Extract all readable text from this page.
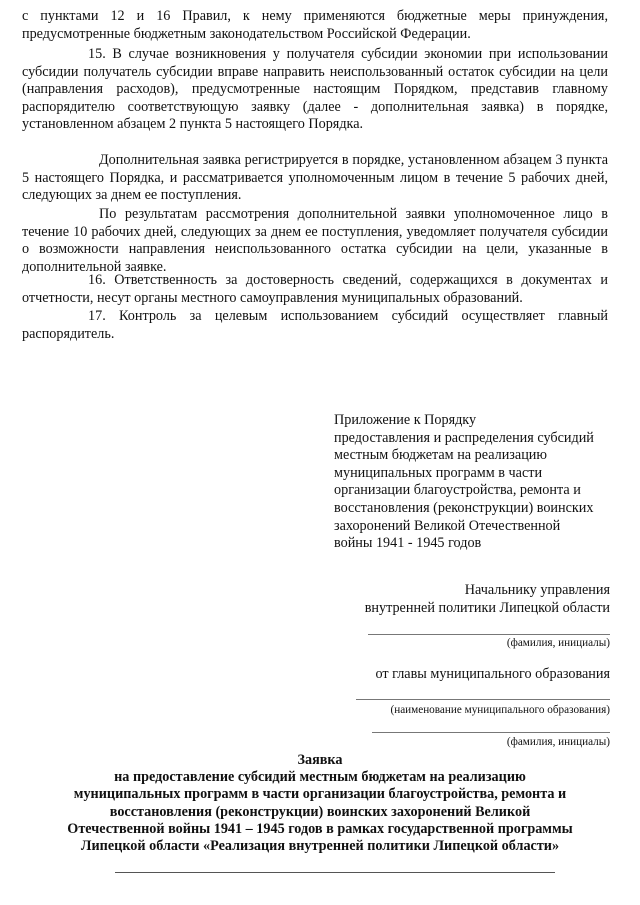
с пунктами 12 и 16 Правил, к нему применяются бюджетные меры принуждения, предусмотренные бюджетным законодательством Российской Федерации.

15. В случае возникновения у получателя субсидии экономии при использовании субсидии получатель субсидии вправе направить неиспользованный остаток субсидии на цели (направления расходов), предусмотренные настоящим Порядком, представив главному распорядителю соответствующую заявку (далее - дополнительная заявка) в порядке, установленном абзацем 2 пункта 5 настоящего Порядка.

Дополнительная заявка регистрируется в порядке, установленном абзацем 3 пункта 5 настоящего Порядка, и рассматривается уполномоченным лицом в течение 5 рабочих дней, следующих за днем ее поступления.

По результатам рассмотрения дополнительной заявки уполномоченное лицо в течение 10 рабочих дней, следующих за днем ее поступления, уведомляет получателя субсидии о возможности направления неиспользованного остатка субсидии на цели, указанные в дополнительной заявке.

16. Ответственность за достоверность сведений, содержащихся в документах и отчетности, несут органы местного самоуправления муниципальных образований.

17. Контроль за целевым использованием субсидий осуществляет главный распорядитель.

Приложение к Порядку
предоставления и распределения субсидий
местным бюджетам на реализацию
муниципальных программ в части
организации благоустройства, ремонта и
восстановления (реконструкции) воинских
захоронений Великой Отечественной
войны 1941 - 1945 годов

Начальнику управления

внутренней политики Липецкой области

(фамилия, инициалы)

от главы муниципального образования

(наименование муниципального образования)

(фамилия, инициалы)

Заявка
на предоставление субсидий местным бюджетам на реализацию
муниципальных программ в части организации благоустройства, ремонта и
восстановления (реконструкции) воинских захоронений Великой
Отечественной войны 1941 – 1945 годов в рамках государственной программы
Липецкой области «Реализация внутренней политики Липецкой области»
